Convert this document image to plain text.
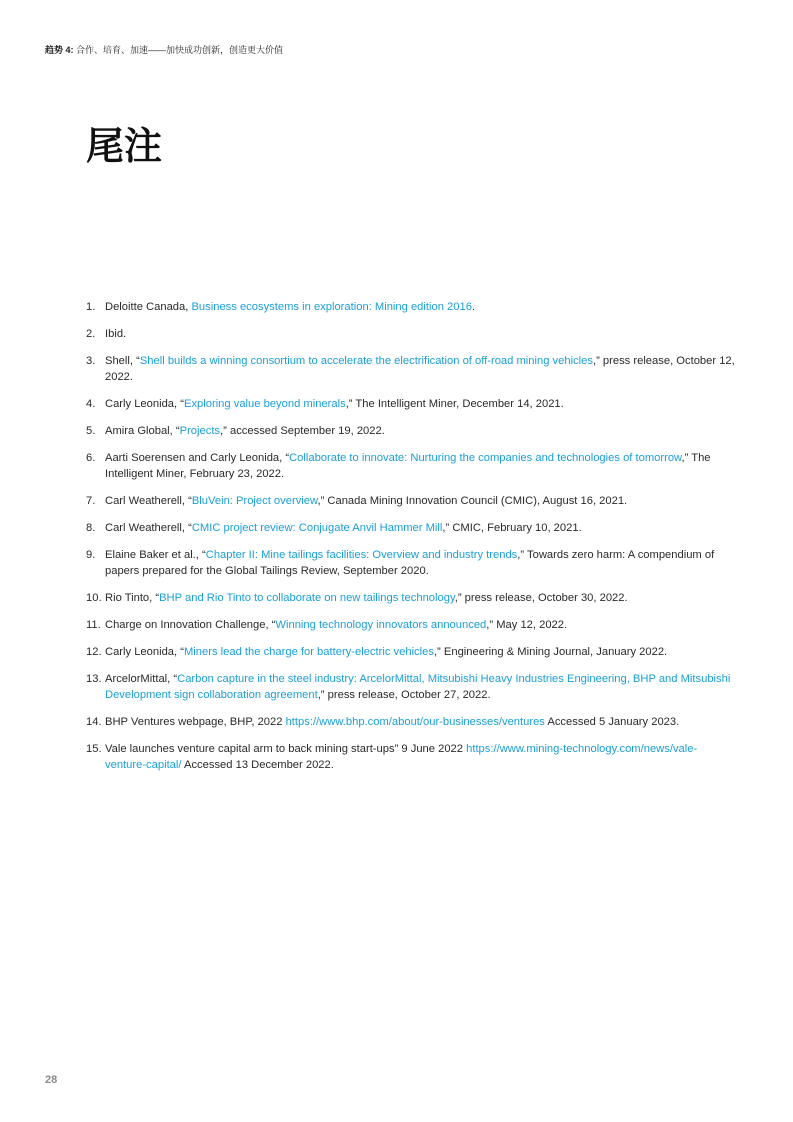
趋势 4: 合作、培育、加速——加快成功创新，创造更大价值
尾注
1. Deloitte Canada, Business ecosystems in exploration: Mining edition 2016.
2. Ibid.
3. Shell, “Shell builds a winning consortium to accelerate the electrification of off-road mining vehicles,” press release, October 12, 2022.
4. Carly Leonida, “Exploring value beyond minerals,” The Intelligent Miner, December 14, 2021.
5. Amira Global, “Projects,” accessed September 19, 2022.
6. Aarti Soerensen and Carly Leonida, “Collaborate to innovate: Nurturing the companies and technologies of tomorrow,” The Intelligent Miner, February 23, 2022.
7. Carl Weatherell, “BluVein: Project overview,” Canada Mining Innovation Council (CMIC), August 16, 2021.
8. Carl Weatherell, “CMIC project review: Conjugate Anvil Hammer Mill,” CMIC, February 10, 2021.
9. Elaine Baker et al., “Chapter II: Mine tailings facilities: Overview and industry trends,” Towards zero harm: A compendium of papers prepared for the Global Tailings Review, September 2020.
10. Rio Tinto, “BHP and Rio Tinto to collaborate on new tailings technology,” press release, October 30, 2022.
11. Charge on Innovation Challenge, “Winning technology innovators announced,” May 12, 2022.
12. Carly Leonida, “Miners lead the charge for battery-electric vehicles,” Engineering & Mining Journal, January 2022.
13. ArcelorMittal, “Carbon capture in the steel industry: ArcelorMittal, Mitsubishi Heavy Industries Engineering, BHP and Mitsubishi Development sign collaboration agreement,” press release, October 27, 2022.
14. BHP Ventures webpage, BHP, 2022 https://www.bhp.com/about/our-businesses/ventures Accessed 5 January 2023.
15. Vale launches venture capital arm to back mining start-ups” 9 June 2022 https://www.mining-technology.com/news/vale-venture-capital/ Accessed 13 December 2022.
28
